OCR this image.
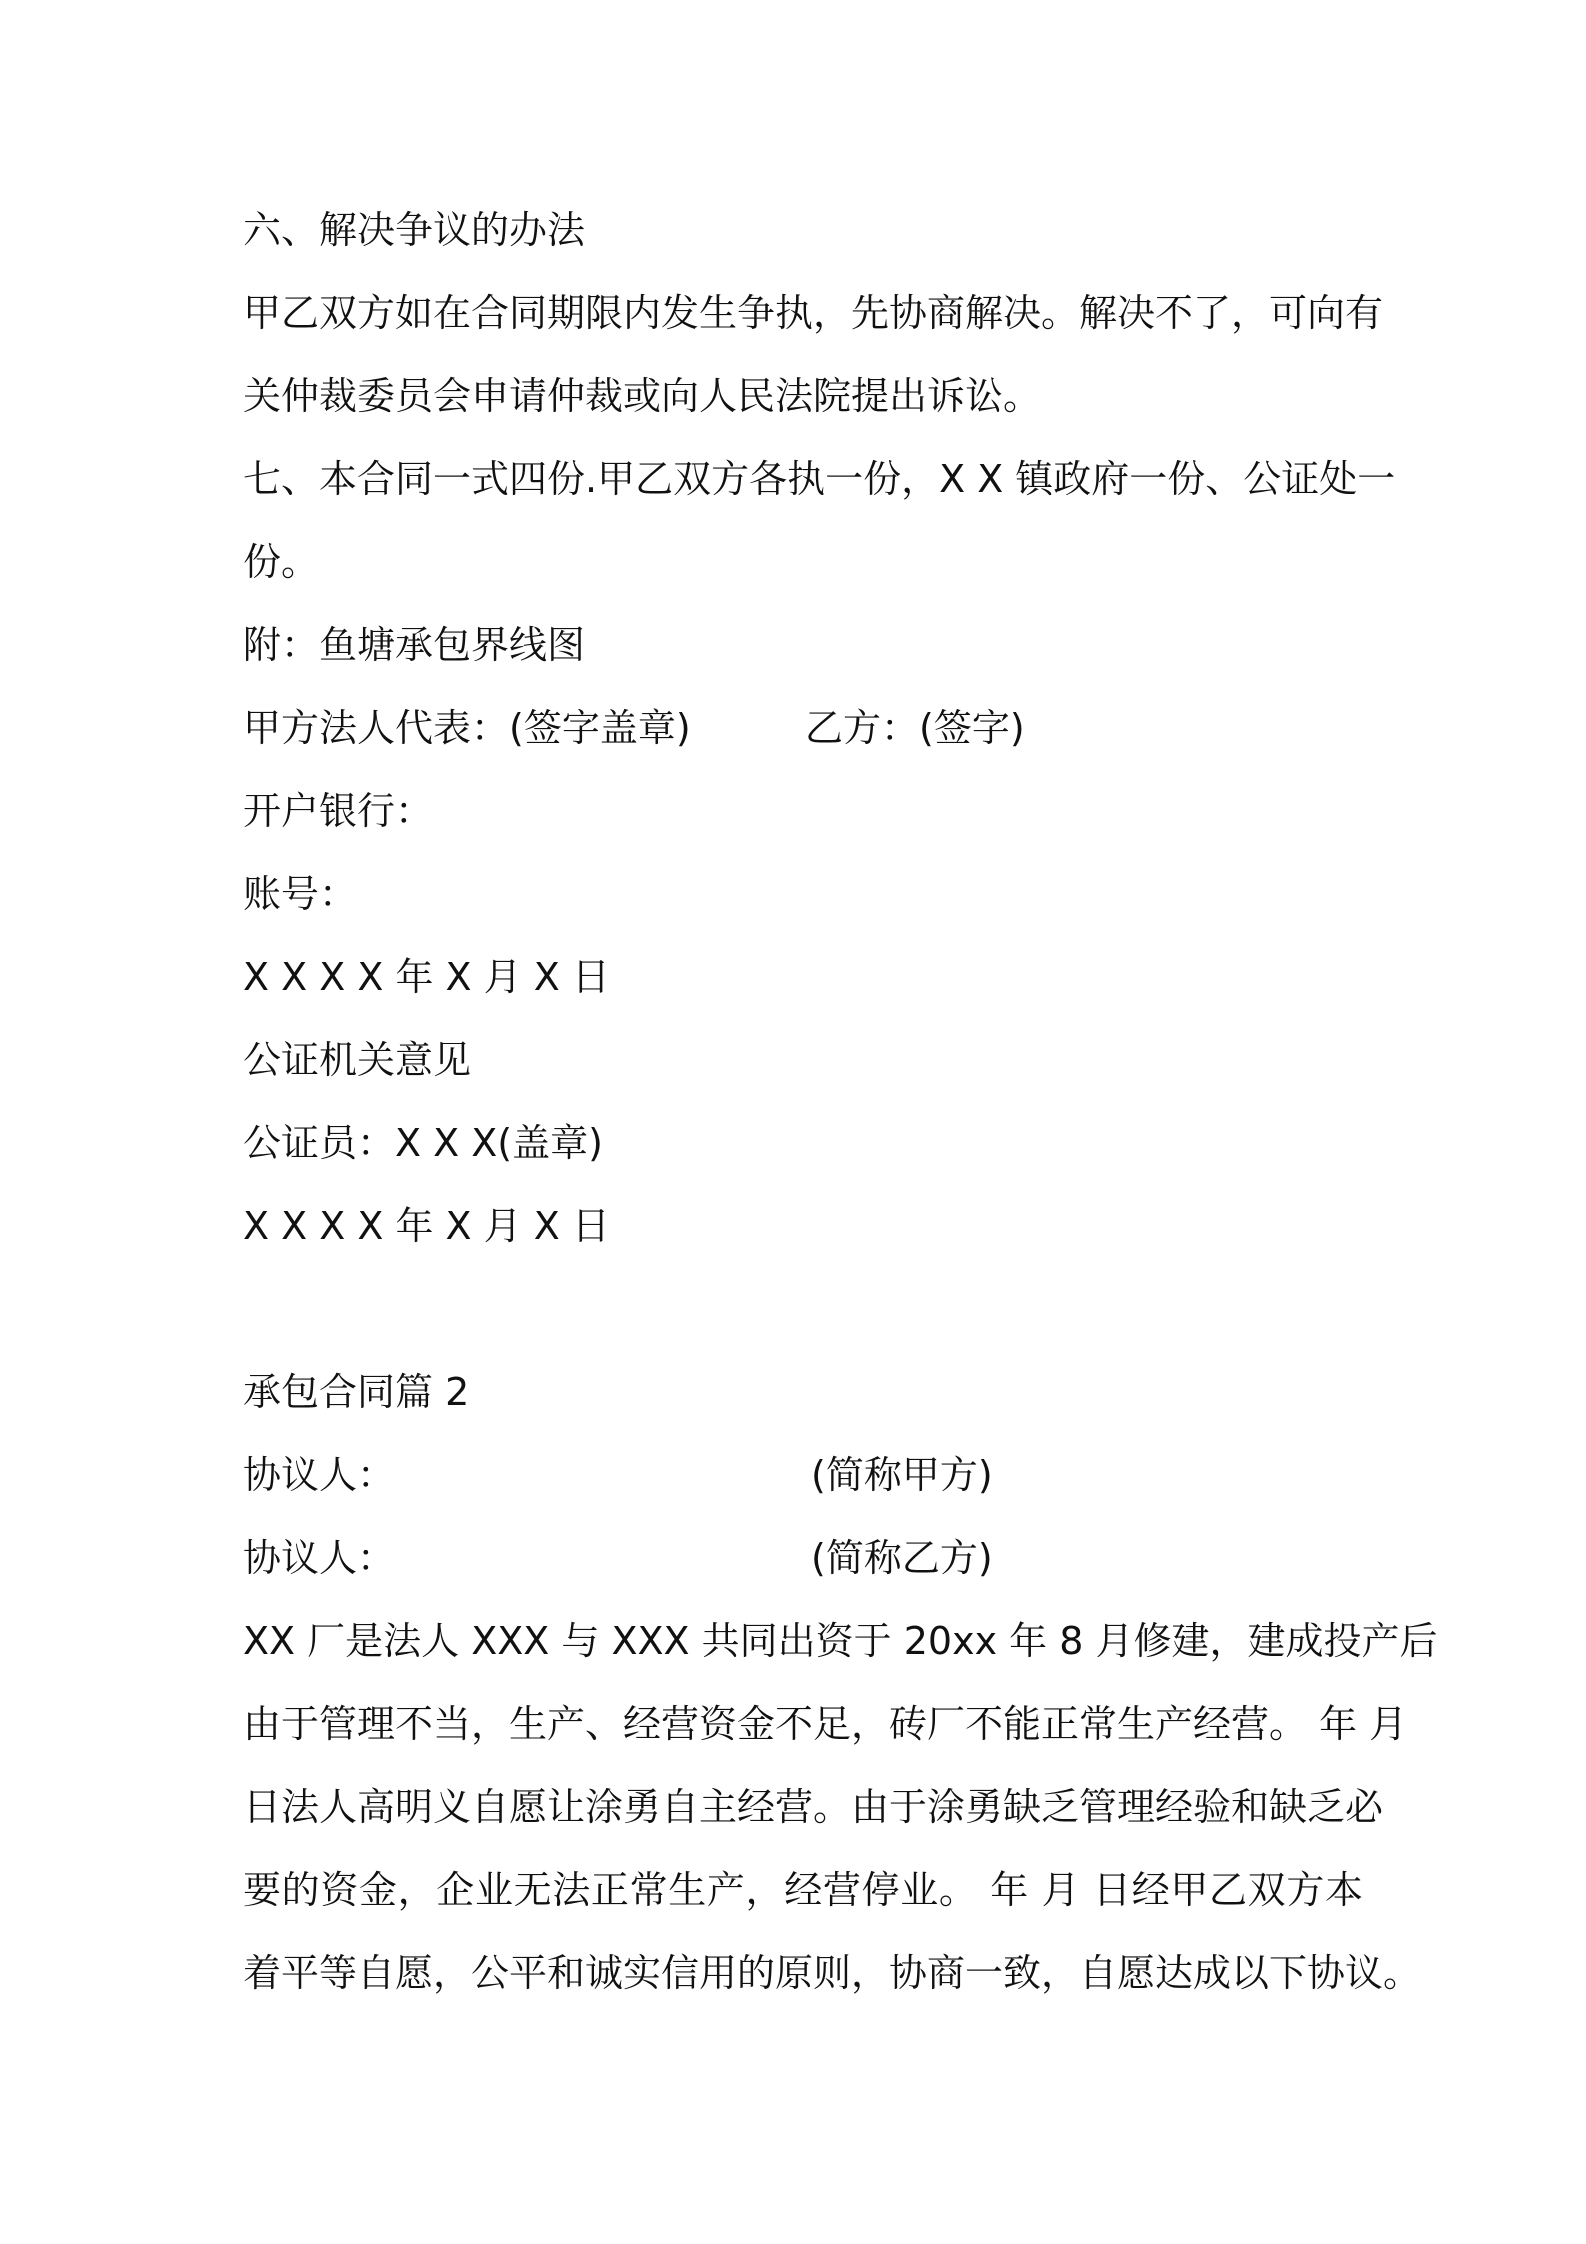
六、解决争议的办法
甲乙双方如在合同期限内发生争执，先协商解决。解决不了，可向有
关仲裁委员会申请仲裁或向人民法院提出诉讼。
七、本合同一式四份.甲乙双方各执一份，X X 镇政府一份、公证处一
份。
附：鱼塘承包界线图
甲方法人代表：(签字盖章)	乙方：(签字)
开户银行：
账号：
X X X X 年 X 月 X 日
公证机关意见
公证员：X X X(盖章)
X X X X 年 X 月 X 日
承包合同篇 2
协议人：	(简称甲方)
协议人：	(简称乙方)
XX 厂是法人 XXX 与 XXX 共同出资于 20xx 年 8 月修建，建成投产后
由于管理不当，生产、经营资金不足，砖厂不能正常生产经营。 年 月
日法人高明义自愿让涂勇自主经营。由于涂勇缺乏管理经验和缺乏必
要的资金，企业无法正常生产，经营停业。 年 月 日经甲乙双方本
着平等自愿，公平和诚实信用的原则，协商一致，自愿达成以下协议。
